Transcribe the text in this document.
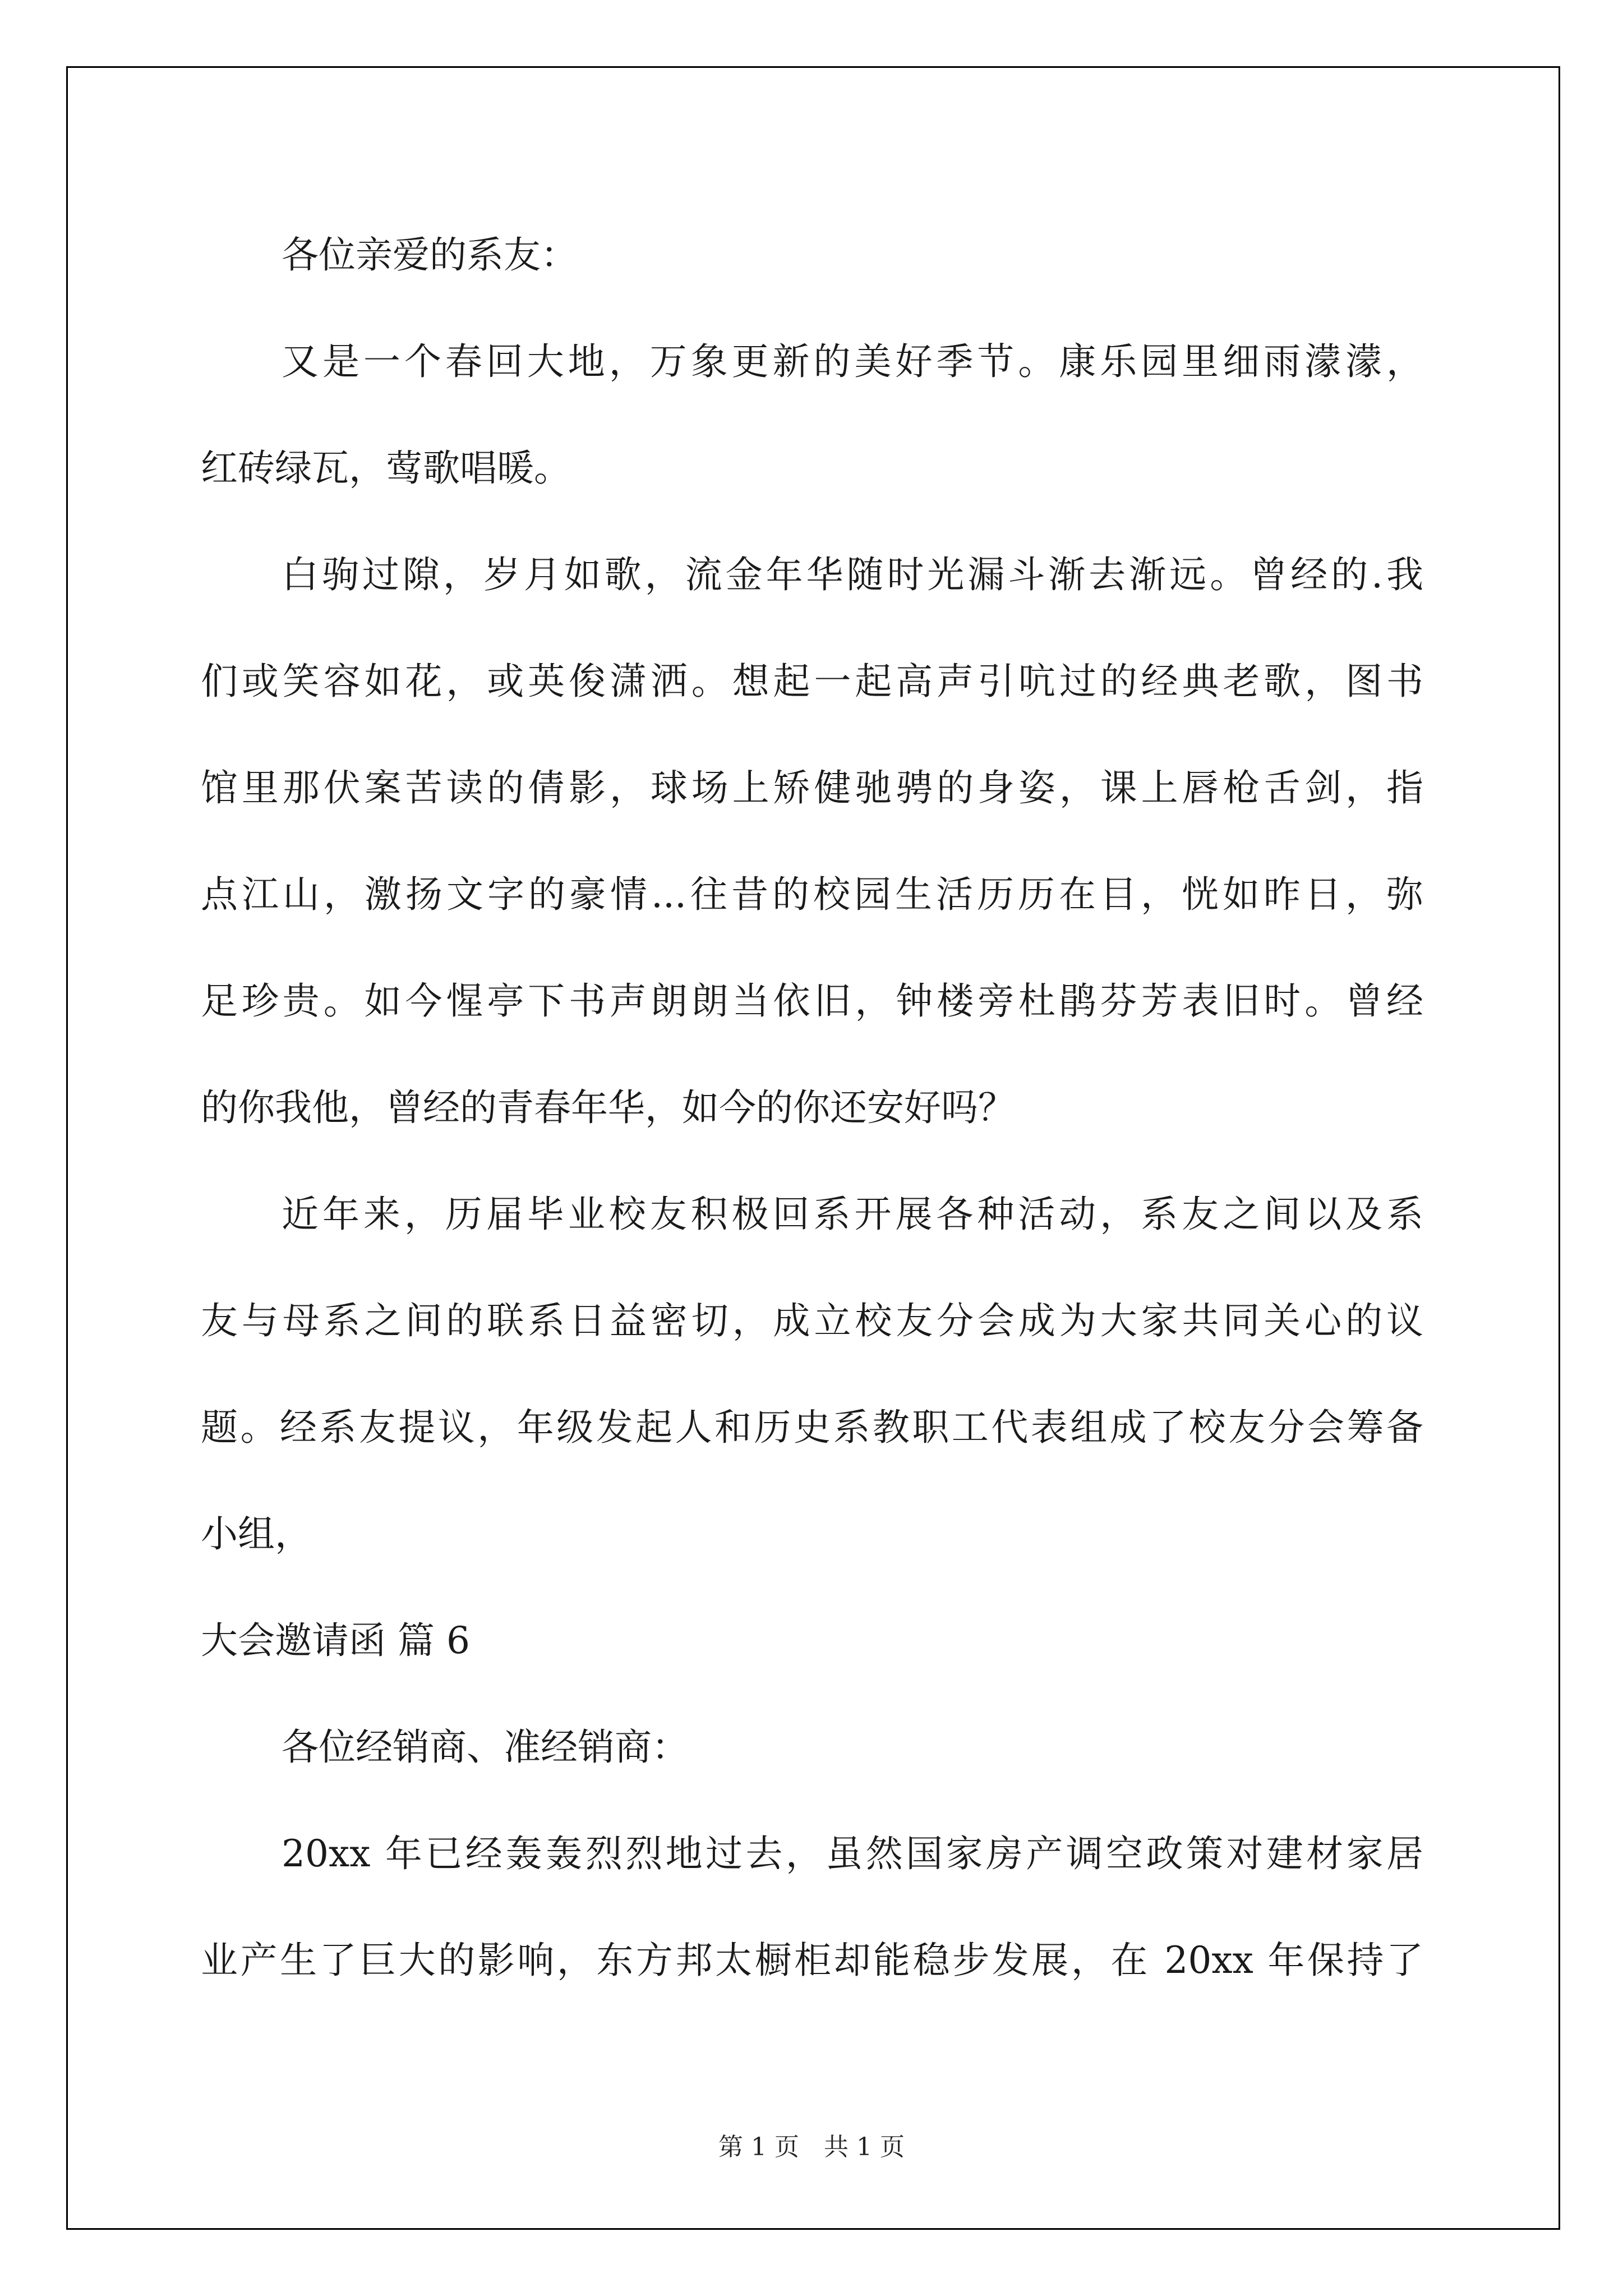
各位亲爱的系友：
又是一个春回大地，万象更新的美好季节。康乐园里细雨濛濛，
红砖绿瓦，莺歌唱暖。
白驹过隙，岁月如歌，流金年华随时光漏斗渐去渐远。曾经的.我
们或笑容如花，或英俊潇洒。想起一起高声引吭过的经典老歌，图书
馆里那伏案苦读的倩影，球场上矫健驰骋的身姿，课上唇枪舌剑，指
点江山，激扬文字的豪情...往昔的校园生活历历在目，恍如昨日，弥
足珍贵。如今惺亭下书声朗朗当依旧，钟楼旁杜鹃芬芳表旧时。曾经
的你我他，曾经的青春年华，如今的你还安好吗？
近年来，历届毕业校友积极回系开展各种活动，系友之间以及系
友与母系之间的联系日益密切，成立校友分会成为大家共同关心的议
题。经系友提议，年级发起人和历史系教职工代表组成了校友分会筹备
小组，
大会邀请函 篇 6
各位经销商、准经销商：
20xx 年已经轰轰烈烈地过去，虽然国家房产调空政策对建材家居
业产生了巨大的影响，东方邦太橱柜却能稳步发展，在 20xx 年保持了
第 1 页　共 1 页
